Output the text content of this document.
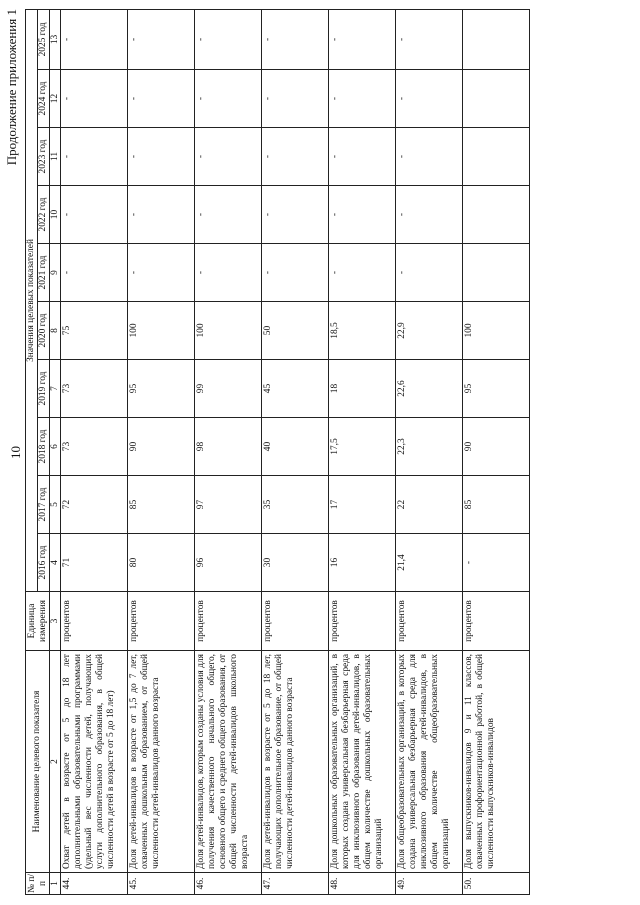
10
Продолжение приложения 1
№ п/п	Наименование целевого показателя	Единица измерения	Значения целевых показателей									
			2016 год	2017 год	2018 год	2019 год	2020 год	2021 год	2022 год	2023 год	2024 год	2025 год
1	2	3	4	5	6	7	8	9	10	11	12	13
44.	Охват детей в возрасте от 5 до 18 лет дополнительными образовательными программами (удельный вес численности детей, получающих услуги дополнительного образования, в общей численности детей в возрасте от 5 до 18 лет)	процентов	71	72	73	73	75	-	-	-	-	-
45.	Доля детей-инвалидов в возрасте от 1,5 до 7 лет, охваченных дошкольным образованием, от общей численности детей-инвалидов данного возраста	процентов	80	85	90	95	100	-	-	-	-	-
46.	Доля детей-инвалидов, которым созданы условия для получения качественного начального общего, основного общего и среднего общего образования, от общей численности детей-инвалидов школьного возраста	процентов	96	97	98	99	100	-	-	-	-	-
47.	Доля детей-инвалидов в возрасте от 5 до 18 лет, получающих дополнительное образование, от общей численности детей-инвалидов данного возраста	процентов	30	35	40	45	50	-	-	-	-	-
48.	Доля дошкольных образовательных организаций, в которых создана универсальная безбарьерная среда для инклюзивного образования детей-инвалидов, в общем количестве дошкольных образовательных организаций	процентов	16	17	17,5	18	18,5	-	-	-	-	-
49.	Доля общеобразовательных организаций, в которых создана универсальная безбарьерная среда для инклюзивного образования детей-инвалидов, в общем количестве общеобразовательных организаций	процентов	21,4	22	22,3	22,6	22,9	-	-	-	-	-
50.	Доля выпускников-инвалидов 9 и 11 классов, охваченных профориентационной работой, в общей численности выпускников-инвалидов	процентов	-	85	90	95	100					
